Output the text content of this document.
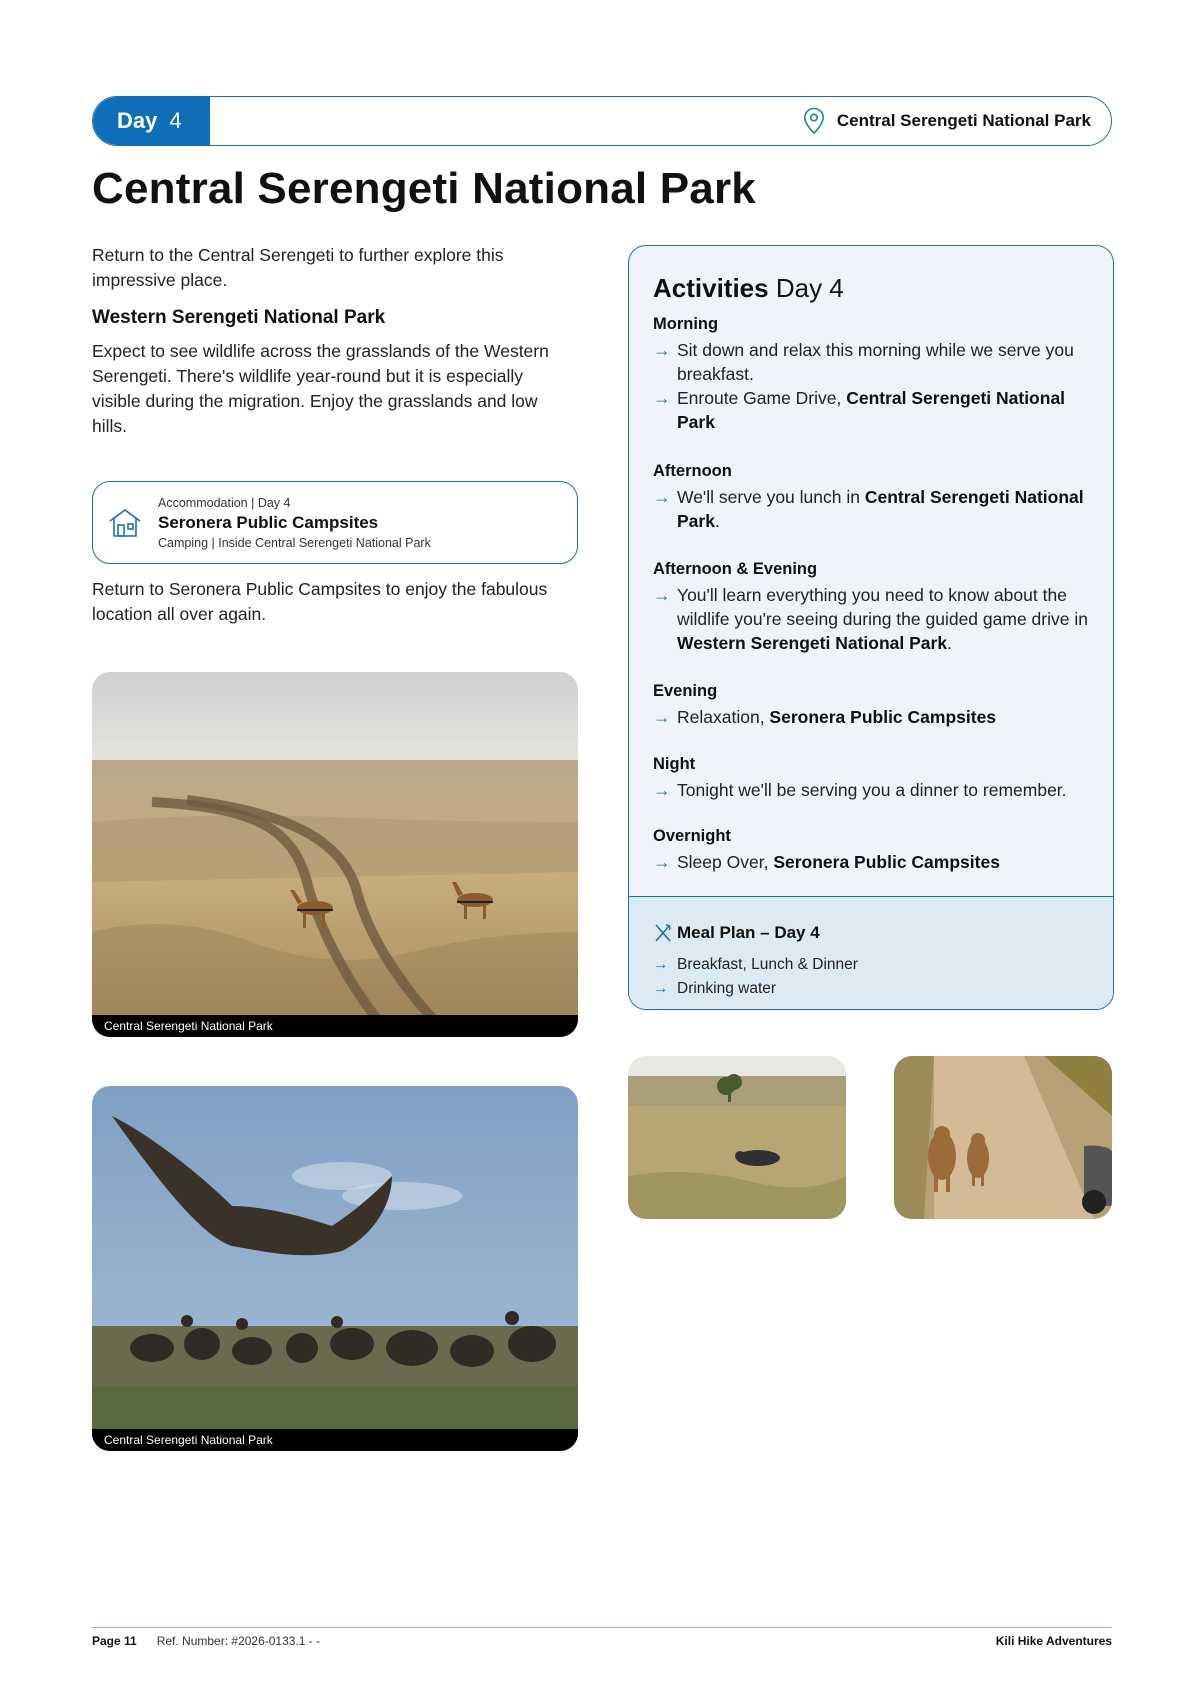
Day 4	Central Serengeti National Park
Central Serengeti National Park

Return to the Central Serengeti to further explore this impressive place.

Western Serengeti National Park

Expect to see wildlife across the grasslands of the Western Serengeti. There's wildlife year-round but it is especially visible during the migration. Enjoy the grasslands and low hills.

Accommodation | Day 4
Seronera Public Campsites
Camping | Inside Central Serengeti National Park

Return to Seronera Public Campsites to enjoy the fabulous location all over again.

Central Serengeti National Park
Central Serengeti National Park
Activities Day 4
Morning
→ Sit down and relax this morning while we serve you breakfast.
→ Enroute Game Drive, Central Serengeti National Park
Afternoon
→ We'll serve you lunch in Central Serengeti National Park.
Afternoon & Evening
→ You'll learn everything you need to know about the wildlife you're seeing during the guided game drive in Western Serengeti National Park.
Evening
→ Relaxation, Seronera Public Campsites
Night
→ Tonight we'll be serving you a dinner to remember.
Overnight
→ Sleep Over, Seronera Public Campsites
Meal Plan – Day 4
→ Breakfast, Lunch & Dinner
→ Drinking water
Page 11 Ref. Number: #2026-0133.1 - -	Kili Hike Adventures
